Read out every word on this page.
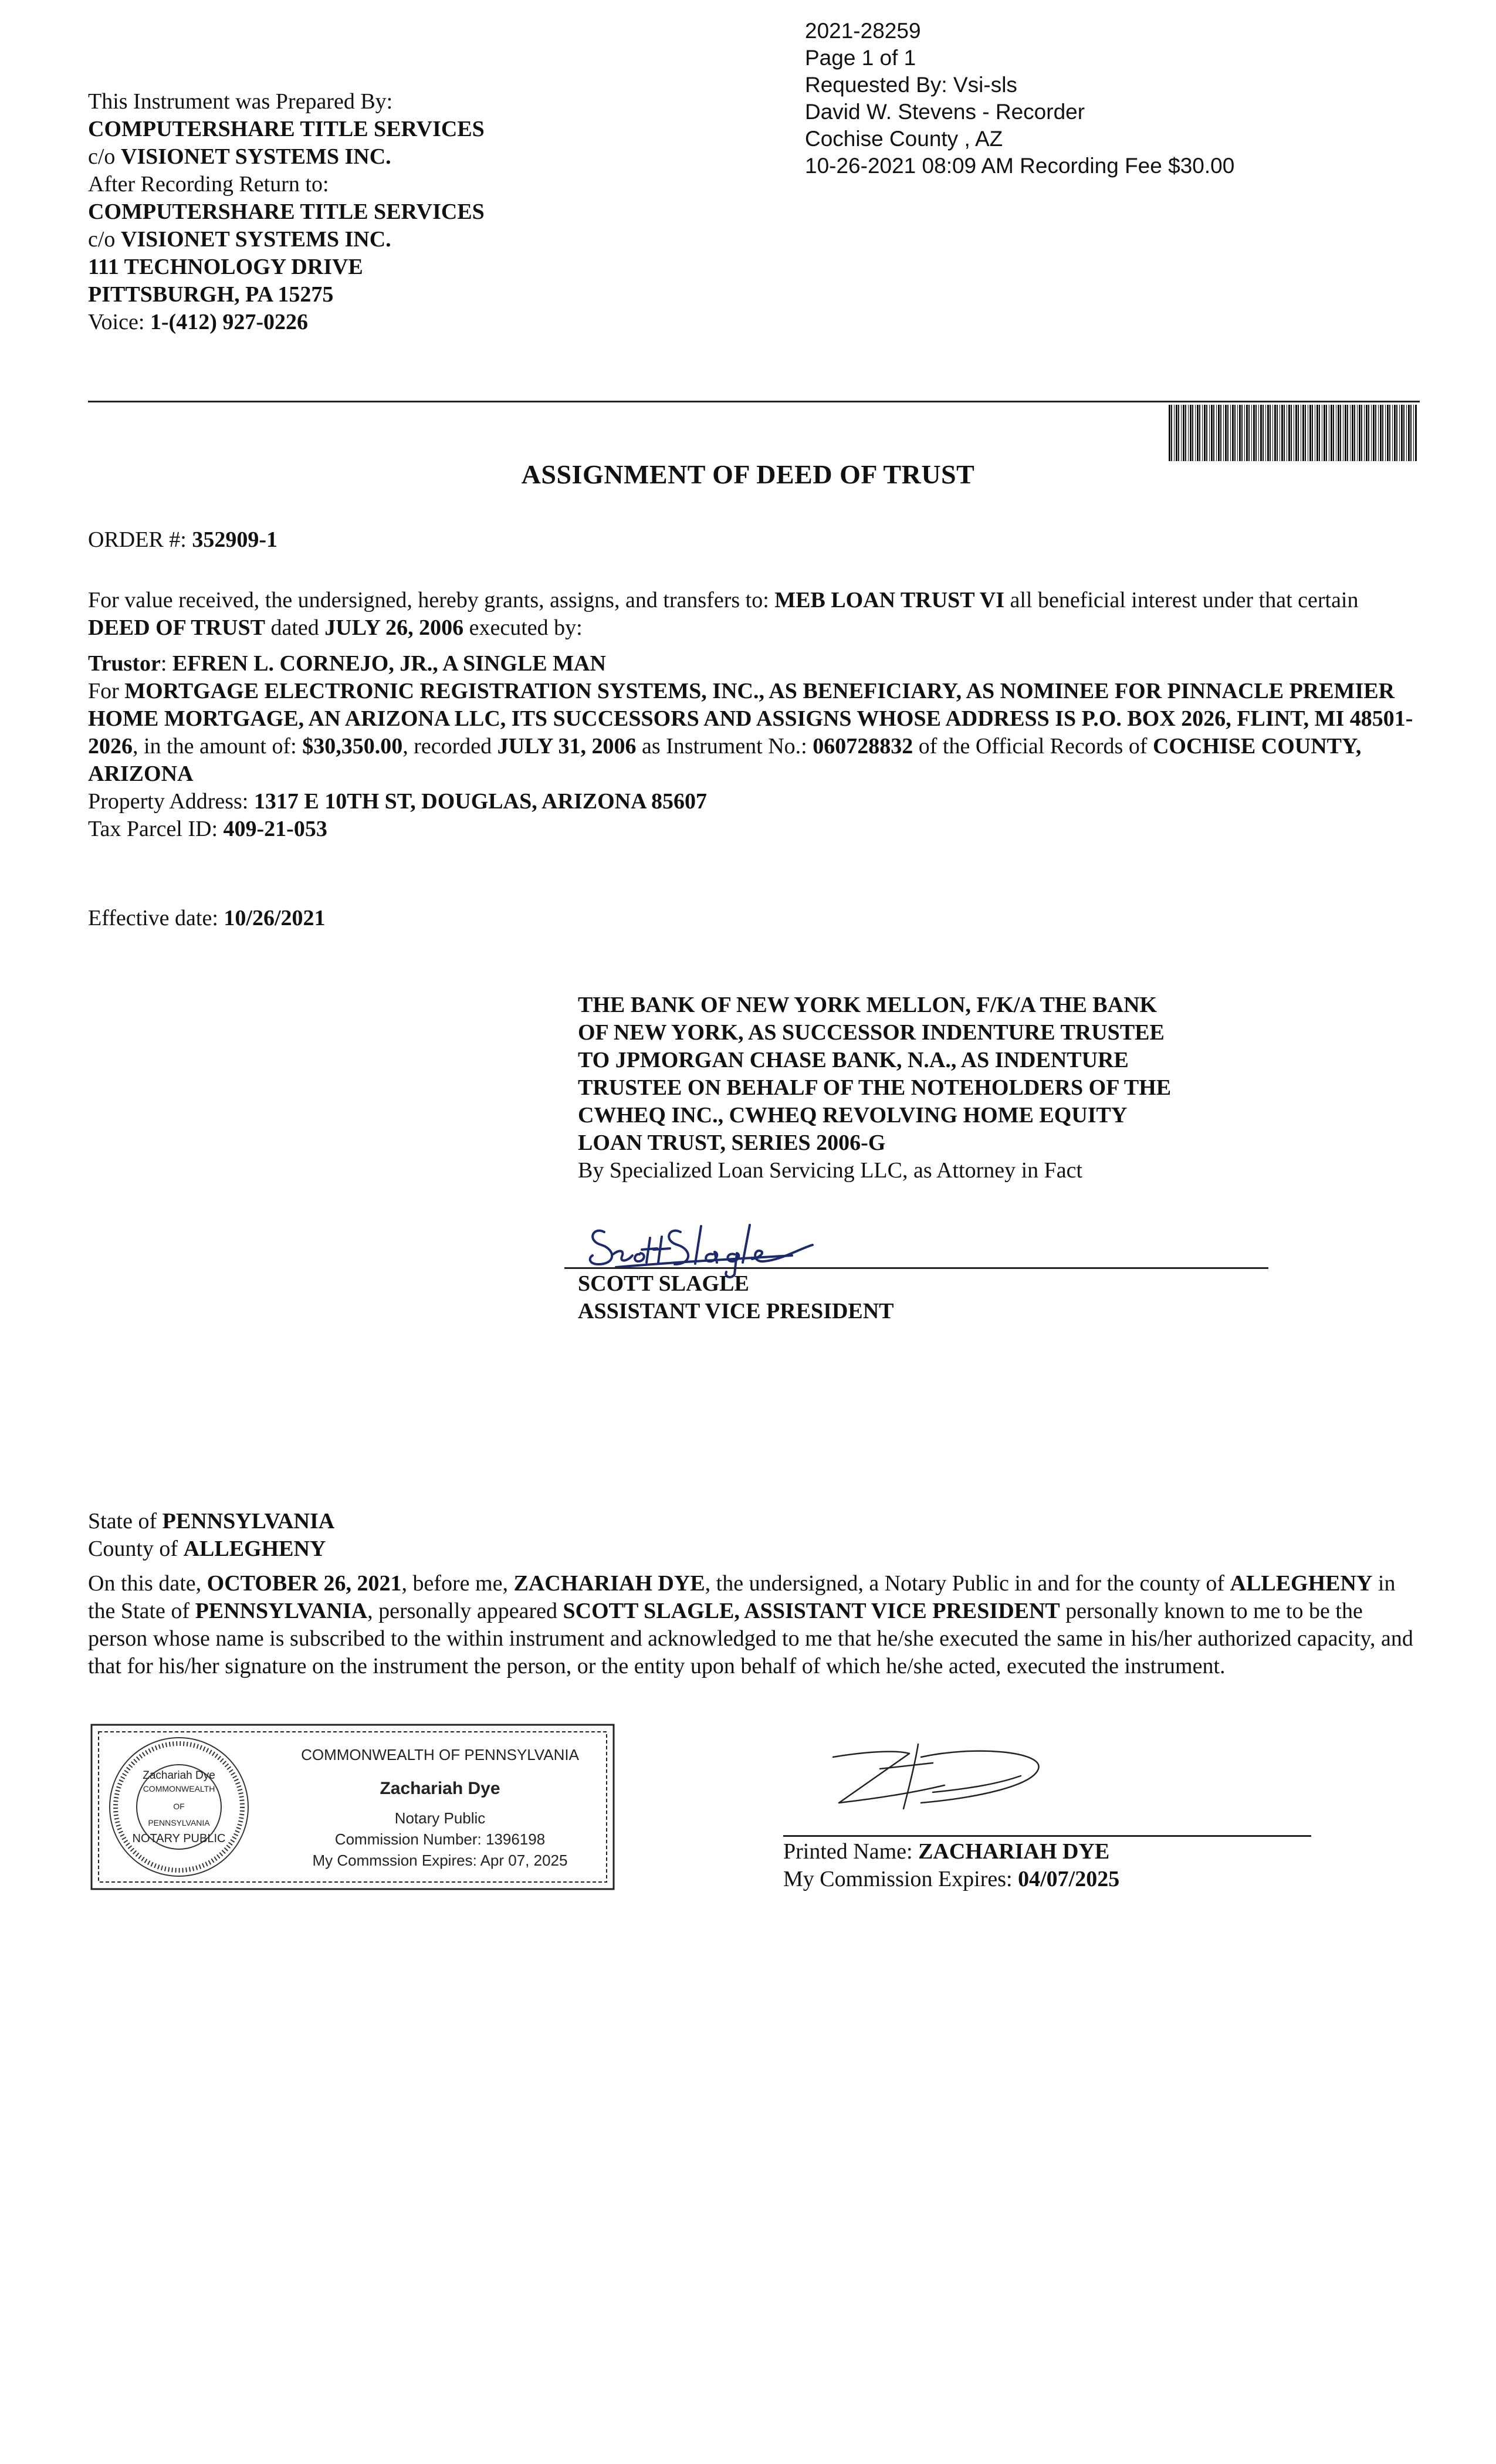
2021-28259
Page 1 of 1
Requested By: Vsi-sls
David W. Stevens - Recorder
Cochise County , AZ
10-26-2021 08:09 AM Recording Fee $30.00
This Instrument was Prepared By:
COMPUTERSHARE TITLE SERVICES
c/o VISIONET SYSTEMS INC.
After Recording Return to:
COMPUTERSHARE TITLE SERVICES
c/o VISIONET SYSTEMS INC.
111 TECHNOLOGY DRIVE
PITTSBURGH, PA 15275
Voice: 1-(412) 927-0226
ASSIGNMENT OF DEED OF TRUST
ORDER #: 352909-1
For value received, the undersigned, hereby grants, assigns, and transfers to: MEB LOAN TRUST VI all beneficial interest under that certain DEED OF TRUST dated JULY 26, 2006 executed by:
Trustor: EFREN L. CORNEJO, JR., A SINGLE MAN
For MORTGAGE ELECTRONIC REGISTRATION SYSTEMS, INC., AS BENEFICIARY, AS NOMINEE FOR PINNACLE PREMIER HOME MORTGAGE, AN ARIZONA LLC, ITS SUCCESSORS AND ASSIGNS WHOSE ADDRESS IS P.O. BOX 2026, FLINT, MI 48501-2026, in the amount of: $30,350.00, recorded JULY 31, 2006 as Instrument No.: 060728832 of the Official Records of COCHISE COUNTY, ARIZONA
Property Address: 1317 E 10TH ST, DOUGLAS, ARIZONA 85607
Tax Parcel ID: 409-21-053
Effective date: 10/26/2021
THE BANK OF NEW YORK MELLON, F/K/A THE BANK
OF NEW YORK, AS SUCCESSOR INDENTURE TRUSTEE
TO JPMORGAN CHASE BANK, N.A., AS INDENTURE
TRUSTEE ON BEHALF OF THE NOTEHOLDERS OF THE
CWHEQ INC., CWHEQ REVOLVING HOME EQUITY
LOAN TRUST, SERIES 2006-G
By Specialized Loan Servicing LLC, as Attorney in Fact
SCOTT SLAGLE
ASSISTANT VICE PRESIDENT
State of PENNSYLVANIA
County of ALLEGHENY
On this date, OCTOBER 26, 2021, before me, ZACHARIAH DYE, the undersigned, a Notary Public in and for the county of ALLEGHENY in the State of PENNSYLVANIA, personally appeared SCOTT SLAGLE, ASSISTANT VICE PRESIDENT personally known to me to be the person whose name is subscribed to the within instrument and acknowledged to me that he/she executed the same in his/her authorized capacity, and that for his/her signature on the instrument the person, or the entity upon behalf of which he/she acted, executed the instrument.
Zachariah Dye
COMMONWEALTH
OF
PENNSYLVANIA
NOTARY PUBLIC
COMMONWEALTH OF PENNSYLVANIA
Zachariah Dye
Notary Public
Commission Number: 1396198
My Commssion Expires: Apr 07, 2025	Printed Name: ZACHARIAH DYE
My Commission Expires: 04/07/2025
